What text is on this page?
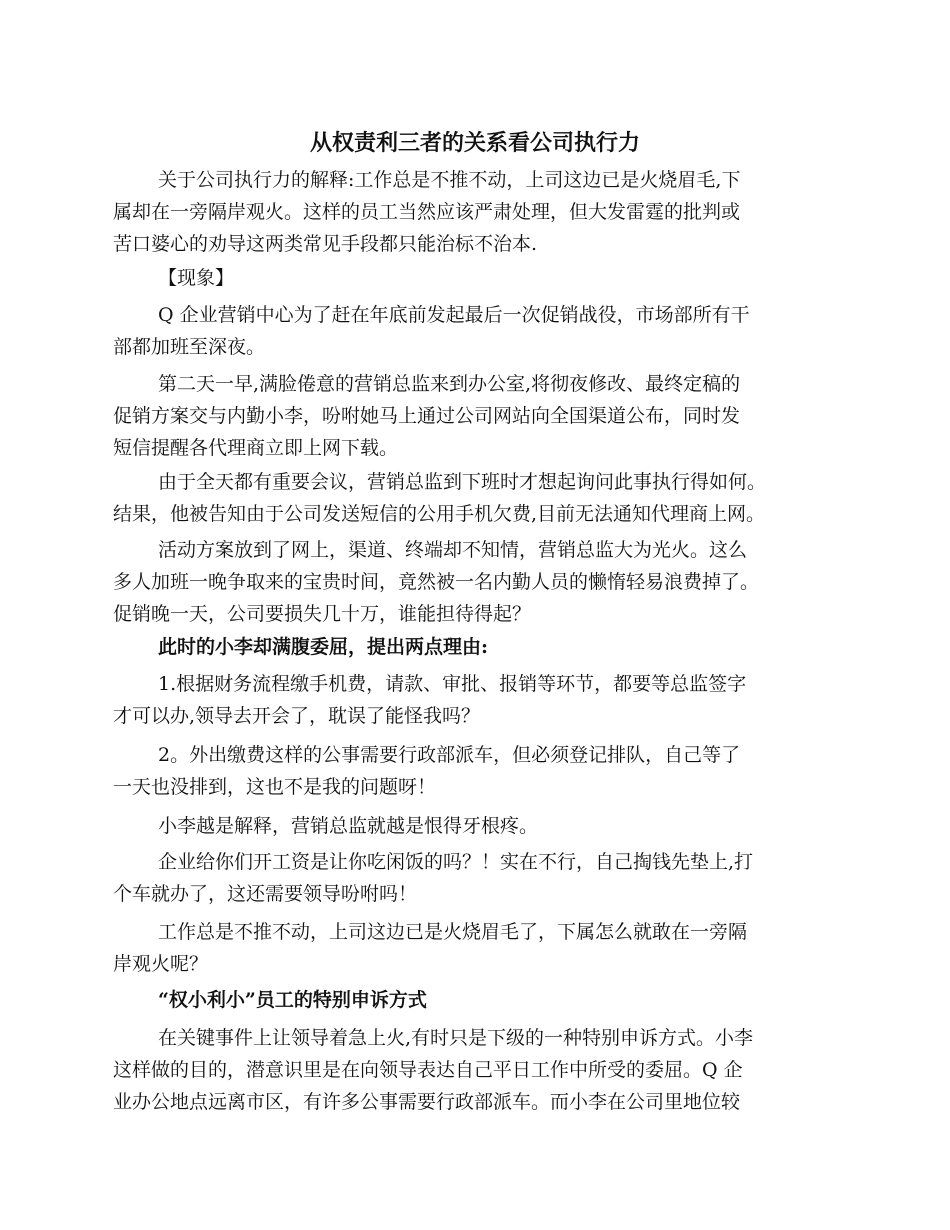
从权责利三者的关系看公司执行力

关于公司执行力的解释:工作总是不推不动，上司这边已是火烧眉毛,下
属却在一旁隔岸观火。这样的员工当然应该严肃处理，但大发雷霆的批判或
苦口婆心的劝导这两类常见手段都只能治标不治本.

【现象】

Q 企业营销中心为了赶在年底前发起最后一次促销战役，市场部所有干
部都加班至深夜。

第二天一早,满脸倦意的营销总监来到办公室,将彻夜修改、最终定稿的
促销方案交与内勤小李，吩咐她马上通过公司网站向全国渠道公布，同时发
短信提醒各代理商立即上网下载。

由于全天都有重要会议，营销总监到下班时才想起询问此事执行得如何。
结果，他被告知由于公司发送短信的公用手机欠费,目前无法通知代理商上网。

活动方案放到了网上，渠道、终端却不知情，营销总监大为光火。这么
多人加班一晚争取来的宝贵时间，竟然被一名内勤人员的懒惰轻易浪费掉了。
促销晚一天，公司要损失几十万，谁能担待得起？

此时的小李却满腹委屈，提出两点理由:

1.根据财务流程缴手机费，请款、审批、报销等环节，都要等总监签字
才可以办,领导去开会了，耽误了能怪我吗？

2。外出缴费这样的公事需要行政部派车，但必须登记排队，自己等了
一天也没排到，这也不是我的问题呀！

小李越是解释，营销总监就越是恨得牙根疼。

企业给你们开工资是让你吃闲饭的吗？！实在不行，自己掏钱先垫上,打
个车就办了，这还需要领导吩咐吗！

工作总是不推不动，上司这边已是火烧眉毛了，下属怎么就敢在一旁隔
岸观火呢？

“权小利小”员工的特别申诉方式

在关键事件上让领导着急上火,有时只是下级的一种特别申诉方式。小李
这样做的目的，潜意识里是在向领导表达自己平日工作中所受的委屈。Q 企
业办公地点远离市区，有许多公事需要行政部派车。而小李在公司里地位较
